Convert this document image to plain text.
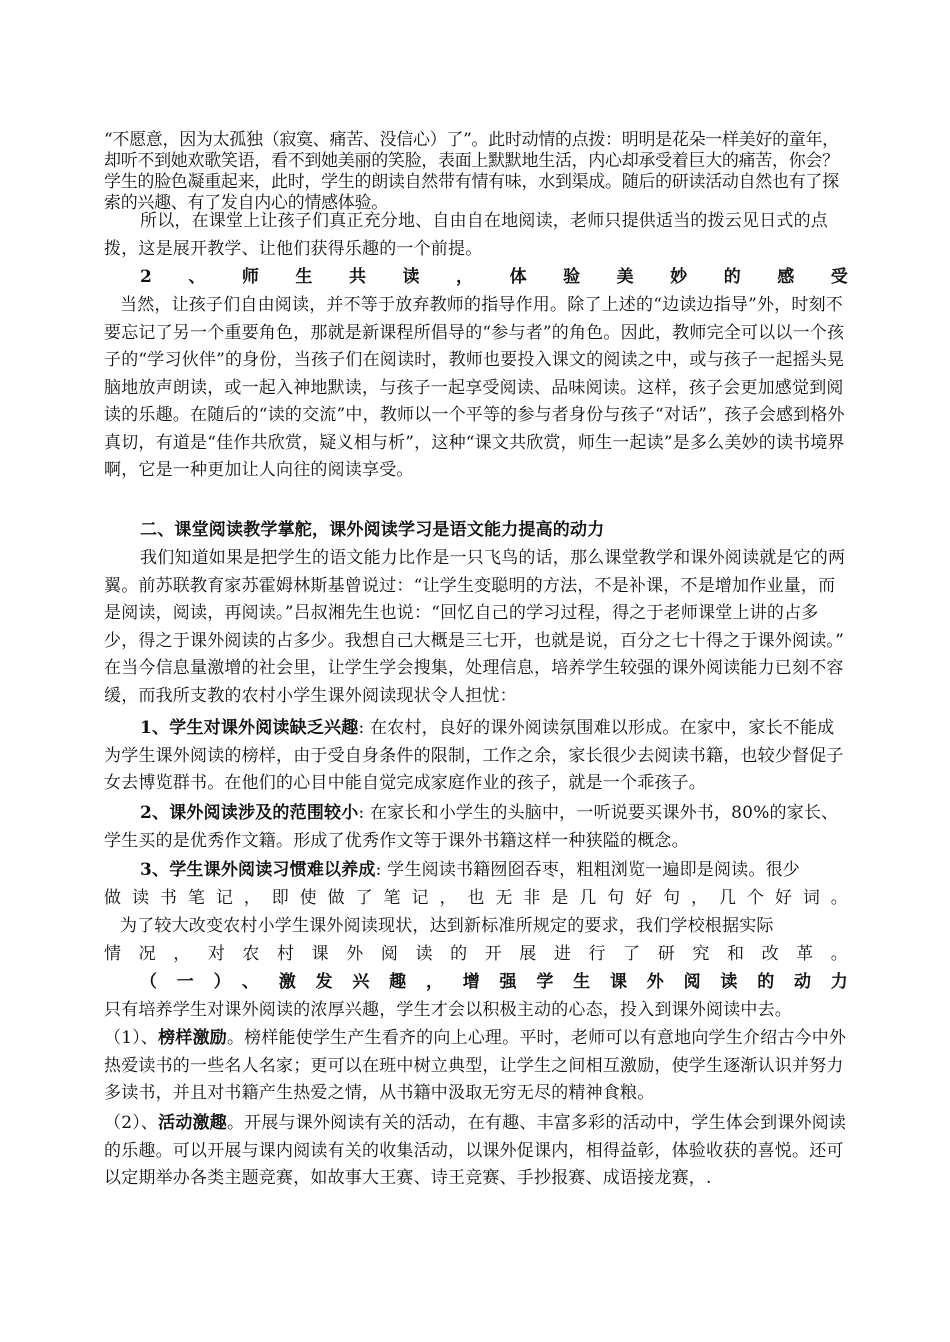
“不愿意，因为太孤独（寂寞、痛苦、没信心）了”。此时动情的点拨：明明是花朵一样美好的童年，却听不到她欢歌笑语，看不到她美丽的笑脸，表面上默默地生活，内心却承受着巨大的痛苦，你会？学生的脸色凝重起来，此时，学生的朗读自然带有情有味，水到渠成。随后的研读活动自然也有了探索的兴趣、有了发自内心的情感体验。

所以，在课堂上让孩子们真正充分地、自由自在地阅读，老师只提供适当的拨云见日式的点拨，这是展开教学、让他们获得乐趣的一个前提。

2、师生共读，体验美妙的感受

当然，让孩子们自由阅读，并不等于放弃教师的指导作用。除了上述的“边读边指导”外，时刻不要忘记了另一个重要角色，那就是新课程所倡导的“参与者”的角色。因此，教师完全可以以一个孩子的“学习伙伴”的身份，当孩子们在阅读时，教师也要投入课文的阅读之中，或与孩子一起摇头晃脑地放声朗读，或一起入神地默读，与孩子一起享受阅读、品味阅读。这样，孩子会更加感觉到阅读的乐趣。在随后的“读的交流”中，教师以一个平等的参与者身份与孩子“对话”，孩子会感到格外真切，有道是“佳作共欣赏，疑义相与析”，这种“课文共欣赏，师生一起读”是多么美妙的读书境界啊，它是一种更加让人向往的阅读享受。

二、课堂阅读教学掌舵，课外阅读学习是语文能力提高的动力

我们知道如果是把学生的语文能力比作是一只飞鸟的话，那么课堂教学和课外阅读就是它的两翼。前苏联教育家苏霍姆林斯基曾说过：“让学生变聪明的方法，不是补课，不是增加作业量，而是阅读，阅读，再阅读。”吕叔湘先生也说：“回忆自己的学习过程，得之于老师课堂上讲的占多少，得之于课外阅读的占多少。我想自己大概是三七开，也就是说，百分之七十得之于课外阅读。” 在当今信息量激增的社会里，让学生学会搜集，处理信息，培养学生较强的课外阅读能力已刻不容缓，而我所支教的农村小学生课外阅读现状令人担忧：

1、学生对课外阅读缺乏兴趣: 在农村，良好的课外阅读氛围难以形成。在家中，家长不能成为学生课外阅读的榜样，由于受自身条件的限制，工作之余，家长很少去阅读书籍，也较少督促子女去博览群书。在他们的心目中能自觉完成家庭作业的孩子，就是一个乖孩子。

2、课外阅读涉及的范围较小: 在家长和小学生的头脑中，一听说要买课外书，80%的家长、学生买的是优秀作文籍。形成了优秀作文等于课外书籍这样一种狭隘的概念。

3、学生课外阅读习惯难以养成: 学生阅读书籍囫囵吞枣，粗粗浏览一遍即是阅读。很少

做读书笔记，即使做了笔记，也无非是几句好句，几个好词。

为了较大改变农村小学生课外阅读现状，达到新标准所规定的要求，我们学校根据实际

情况，对农村课外阅读的开展进行了研究和改革。

（一）、激发兴趣，增强学生课外阅读的动力

只有培养学生对课外阅读的浓厚兴趣，学生才会以积极主动的心态，投入到课外阅读中去。

（1）、榜样激励。榜样能使学生产生看齐的向上心理。平时，老师可以有意地向学生介绍古今中外热爱读书的一些名人名家；更可以在班中树立典型，让学生之间相互激励，使学生逐渐认识并努力多读书，并且对书籍产生热爱之情，从书籍中汲取无穷无尽的精神食粮。

（2）、活动激趣。开展与课外阅读有关的活动，在有趣、丰富多彩的活动中，学生体会到课外阅读的乐趣。可以开展与课内阅读有关的收集活动，以课外促课内，相得益彰，体验收获的喜悦。还可以定期举办各类主题竞赛，如故事大王赛、诗王竞赛、手抄报赛、成语接龙赛，.
